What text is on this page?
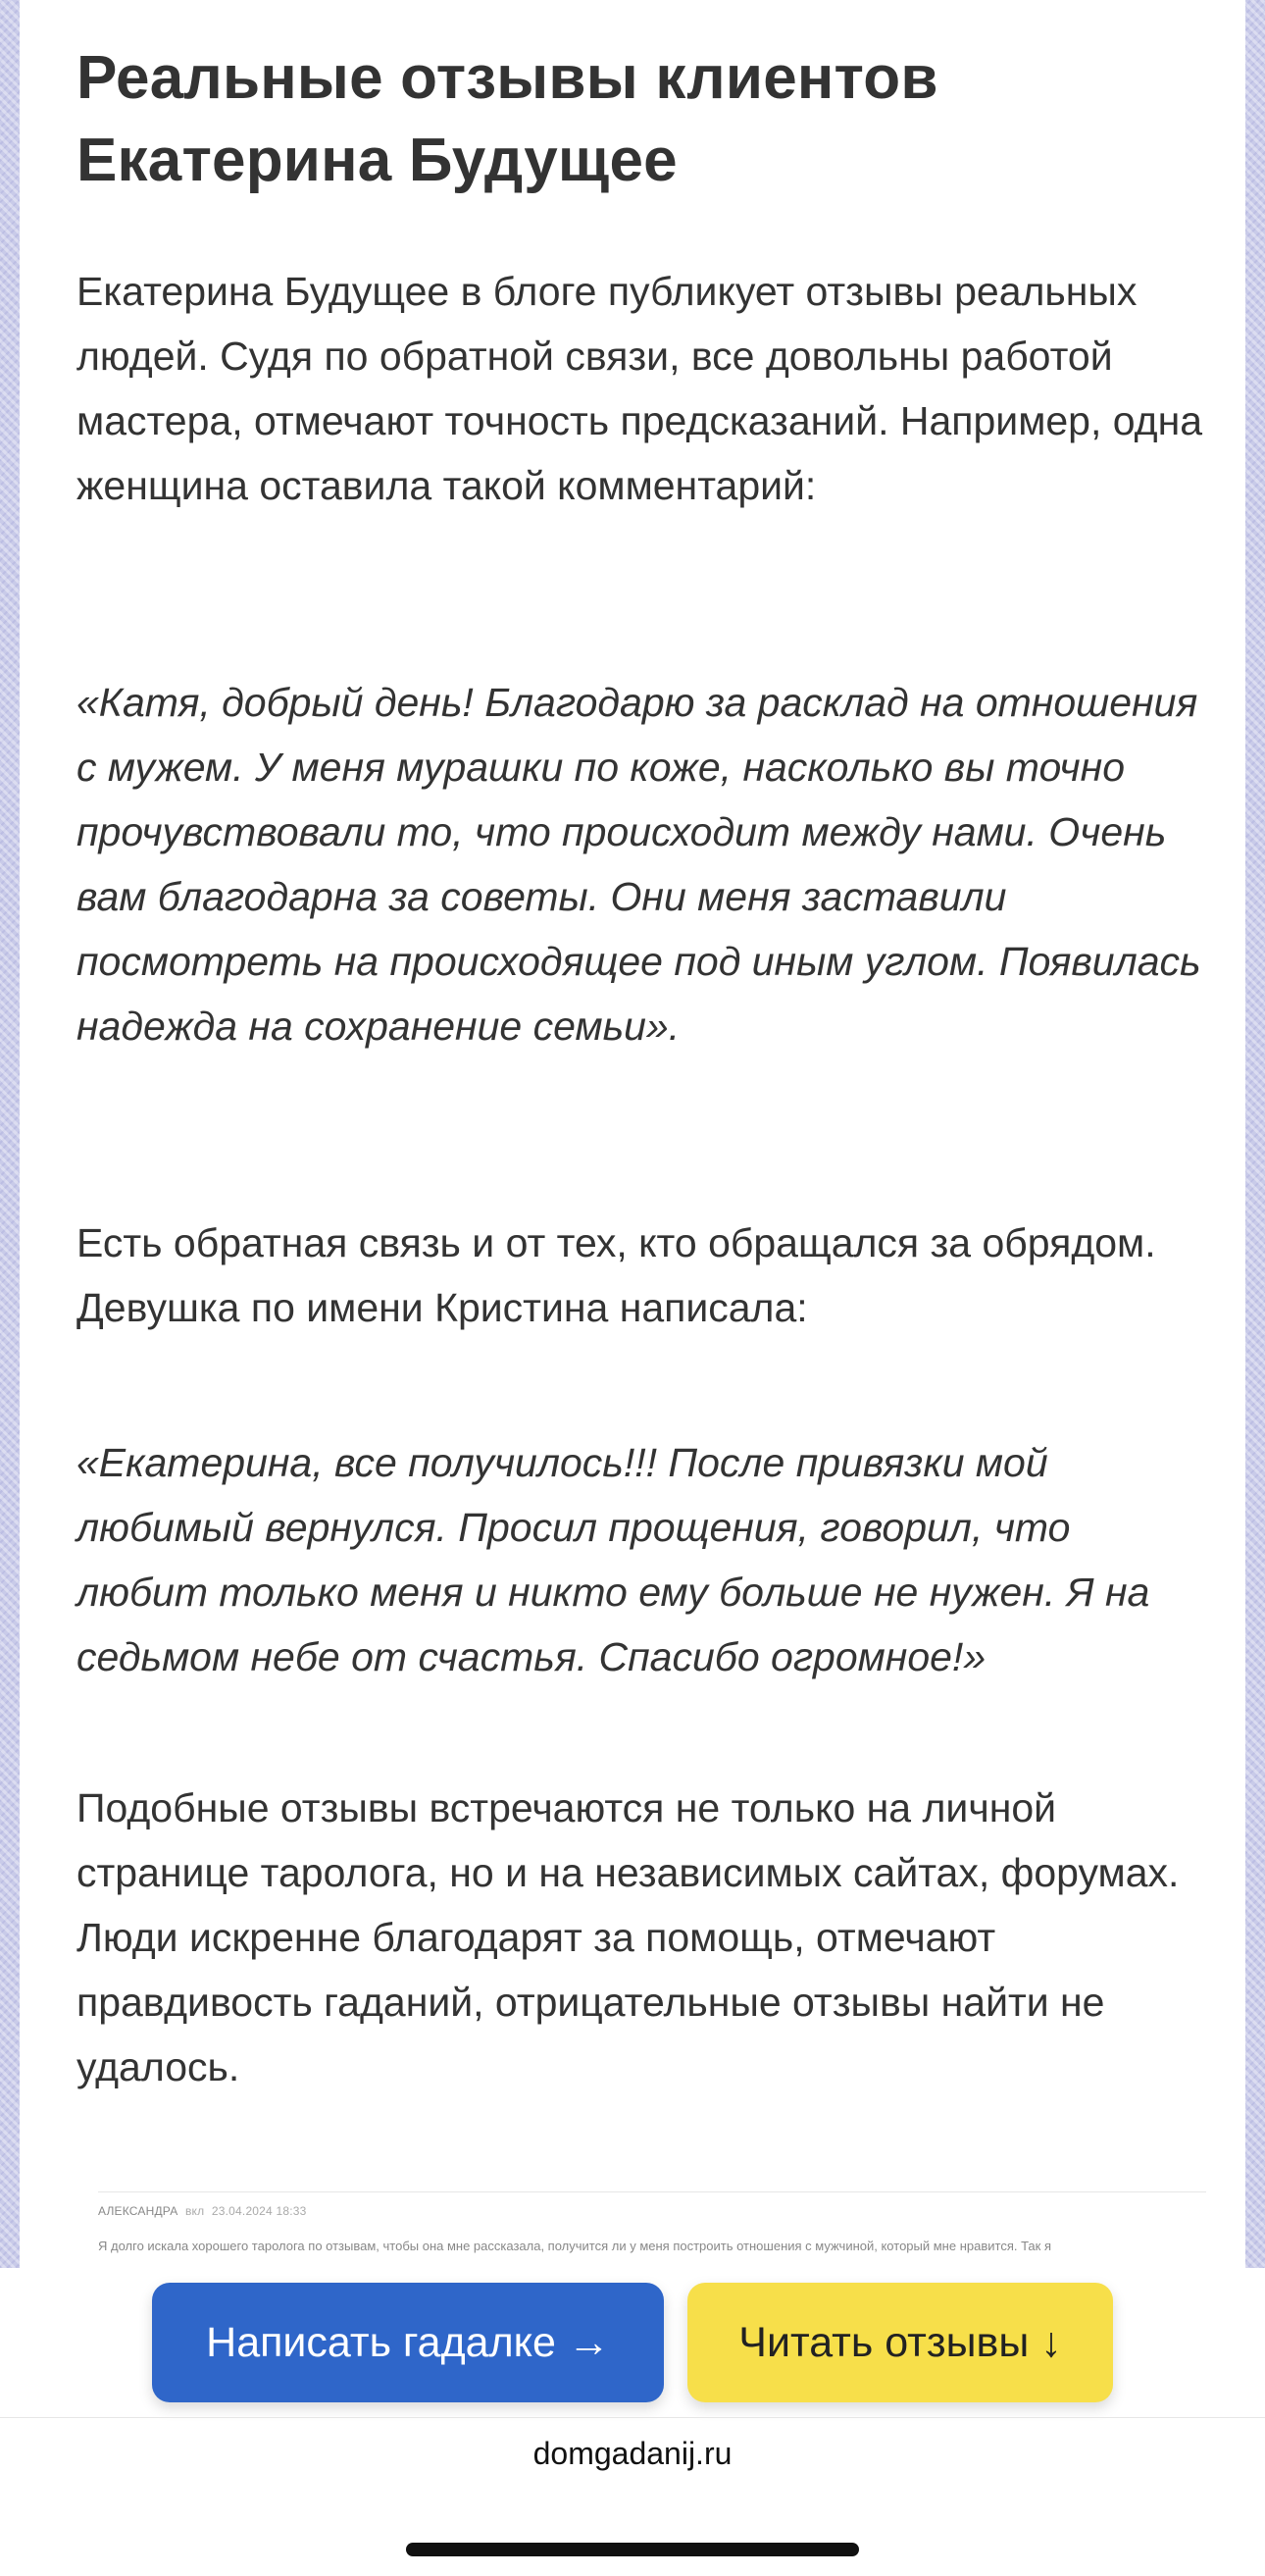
Реальные отзывы клиентов
Екатерина Будущее

Екатерина Будущее в блоге публикует отзывы реальных людей. Судя по обратной связи, все довольны работой мастера, отмечают точность предсказаний. Например, одна женщина оставила такой комментарий:

«Катя, добрый день! Благодарю за расклад на отношения с мужем. У меня мурашки по коже, насколько вы точно прочувствовали то, что происходит между нами. Очень вам благодарна за советы. Они меня заставили посмотреть на происходящее под иным углом. Появилась надежда на сохранение семьи».

Есть обратная связь и от тех, кто обращался за обрядом. Девушка по имени Кристина написала:

«Екатерина, все получилось!!! После привязки мой любимый вернулся. Просил прощения, говорил, что любит только меня и никто ему больше не нужен. Я на седьмом небе от счастья. Спасибо огромное!»

Подобные отзывы встречаются не только на личной странице таролога, но и на независимых сайтах, форумах. Люди искренне благодарят за помощь, отмечают правдивость гаданий, отрицательные отзывы найти не удалось.

АЛЕКСАНДРА вкл 23.04.2024 18:33
Я долго искала хорошего таролога по отзывам, чтобы она мне рассказала, получится ли у меня построить отношения с мужчиной, который мне нравится. Так я
Написать гадалке →	Читать отзывы ↓
domgadanij.ru
